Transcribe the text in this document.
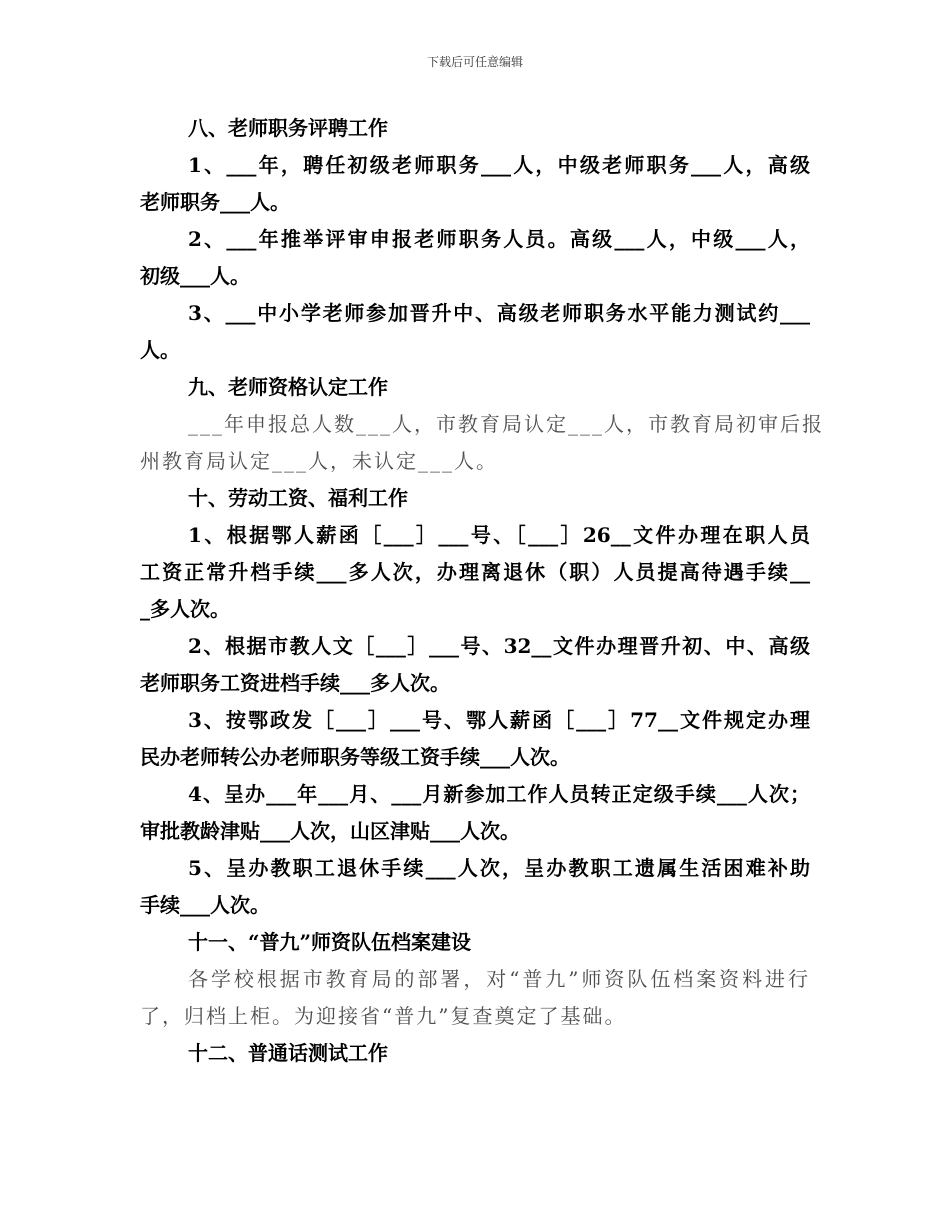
下载后可任意编辑
八、老师职务评聘工作
1、___年，聘任初级老师职务___人，中级老师职务___人，高级
老师职务___人。
2、___年推举评审申报老师职务人员。高级___人，中级___人，
初级___人。
3、___中小学老师参加晋升中、高级老师职务水平能力测试约___
人。
九、老师资格认定工作
___年申报总人数___人，市教育局认定___人，市教育局初审后报
州教育局认定___人，未认定___人。
十、劳动工资、福利工作
1、根据鄂人薪函［___］___号、［___］26__文件办理在职人员
工资正常升档手续___多人次，办理离退休（职）人员提高待遇手续__
_多人次。
2、根据市教人文［___］___号、32__文件办理晋升初、中、高级
老师职务工资进档手续___多人次。
3、按鄂政发［___］___号、鄂人薪函［___］77__文件规定办理
民办老师转公办老师职务等级工资手续___人次。
4、呈办___年___月、___月新参加工作人员转正定级手续___人次；
审批教龄津贴___人次，山区津贴___人次。
5、呈办教职工退休手续___人次，呈办教职工遗属生活困难补助
手续___人次。
十一、“普九”师资队伍档案建设
各学校根据市教育局的部署，对“普九”师资队伍档案资料进行
了，归档上柜。为迎接省“普九”复查奠定了基础。
十二、普通话测试工作
